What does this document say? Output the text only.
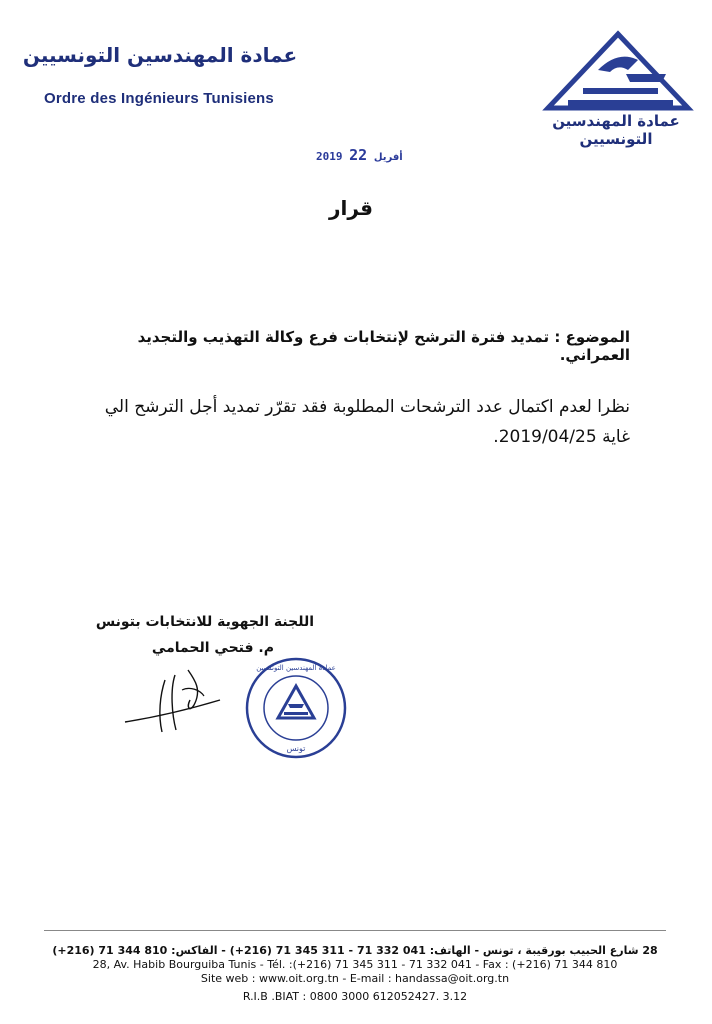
عمادة المهندسين التونسيين
Ordre des Ingénieurs Tunisiens
عمادة المهندسين التونسيين
2019	أفريل 22
قرار
الموضوع : تمديد فترة الترشح لإنتخابات فرع وكالة التهذيب والتجديد العمراني.
نظرا لعدم اكتمال عدد الترشحات المطلوبة فقد تقرّر تمديد أجل الترشح الي غاية 2019/04/25.
اللجنة الجهوية للانتخابات بتونس
م. فتحي الحمامي
عمادة المهندسين التونسيين
تونس
28 شارع الحبيب بورقيبة ، تونس - الهاتف: 041 332 71 - 311 345 71 (216+) - الفاكس: 810 344 71 (216+)
28, Av. Habib Bourguiba Tunis - Tél. :(+216) 71 345 311 - 71 332 041 - Fax : (+216) 71 344 810
Site web : www.oit.org.tn - E-mail : handassa@oit.org.tn
R.I.B .BIAT : 0800 3000 612052427. 3.12
